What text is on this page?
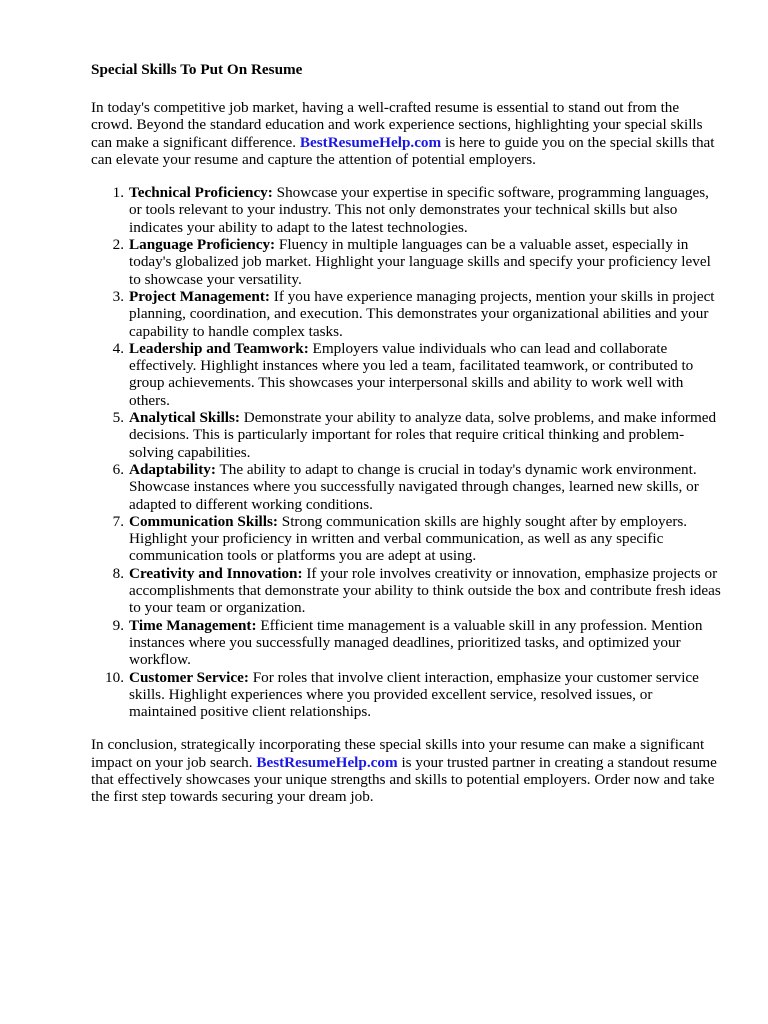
Special Skills To Put On Resume

In today's competitive job market, having a well-crafted resume is essential to stand out from the crowd. Beyond the standard education and work experience sections, highlighting your special skills can make a significant difference. BestResumeHelp.com is here to guide you on the special skills that can elevate your resume and capture the attention of potential employers.

1. Technical Proficiency: Showcase your expertise in specific software, programming languages, or tools relevant to your industry. This not only demonstrates your technical skills but also indicates your ability to adapt to the latest technologies.
2. Language Proficiency: Fluency in multiple languages can be a valuable asset, especially in today's globalized job market. Highlight your language skills and specify your proficiency level to showcase your versatility.
3. Project Management: If you have experience managing projects, mention your skills in project planning, coordination, and execution. This demonstrates your organizational abilities and your capability to handle complex tasks.
4. Leadership and Teamwork: Employers value individuals who can lead and collaborate effectively. Highlight instances where you led a team, facilitated teamwork, or contributed to group achievements. This showcases your interpersonal skills and ability to work well with others.
5. Analytical Skills: Demonstrate your ability to analyze data, solve problems, and make informed decisions. This is particularly important for roles that require critical thinking and problem-solving capabilities.
6. Adaptability: The ability to adapt to change is crucial in today's dynamic work environment. Showcase instances where you successfully navigated through changes, learned new skills, or adapted to different working conditions.
7. Communication Skills: Strong communication skills are highly sought after by employers. Highlight your proficiency in written and verbal communication, as well as any specific communication tools or platforms you are adept at using.
8. Creativity and Innovation: If your role involves creativity or innovation, emphasize projects or accomplishments that demonstrate your ability to think outside the box and contribute fresh ideas to your team or organization.
9. Time Management: Efficient time management is a valuable skill in any profession. Mention instances where you successfully managed deadlines, prioritized tasks, and optimized your workflow.
10. Customer Service: For roles that involve client interaction, emphasize your customer service skills. Highlight experiences where you provided excellent service, resolved issues, or maintained positive client relationships.

In conclusion, strategically incorporating these special skills into your resume can make a significant impact on your job search. BestResumeHelp.com is your trusted partner in creating a standout resume that effectively showcases your unique strengths and skills to potential employers. Order now and take the first step towards securing your dream job.
